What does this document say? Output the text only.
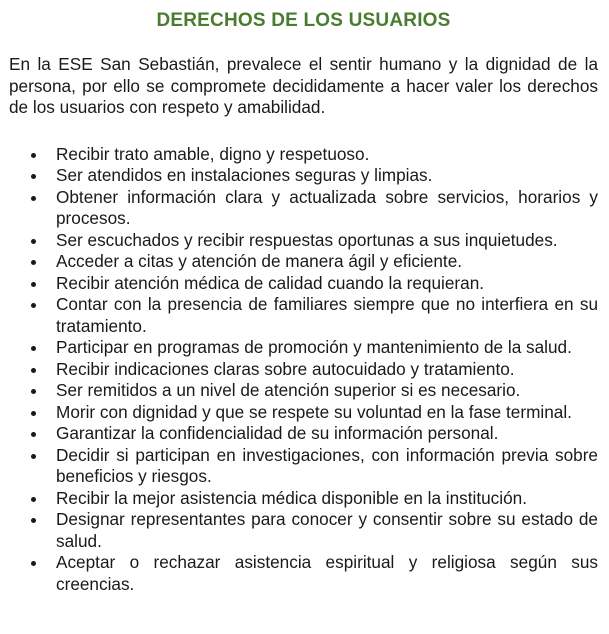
DERECHOS DE LOS USUARIOS

En la ESE San Sebastián, prevalece el sentir humano y la dignidad de la persona, por ello se compromete decididamente a hacer valer los derechos de los usuarios con respeto y amabilidad.

Recibir trato amable, digno y respetuoso.
Ser atendidos en instalaciones seguras y limpias.
Obtener información clara y actualizada sobre servicios, horarios y procesos.
Ser escuchados y recibir respuestas oportunas a sus inquietudes.
Acceder a citas y atención de manera ágil y eficiente.
Recibir atención médica de calidad cuando la requieran.
Contar con la presencia de familiares siempre que no interfiera en su tratamiento.
Participar en programas de promoción y mantenimiento de la salud.
Recibir indicaciones claras sobre autocuidado y tratamiento.
Ser remitidos a un nivel de atención superior si es necesario.
Morir con dignidad y que se respete su voluntad en la fase terminal.
Garantizar la confidencialidad de su información personal.
Decidir si participan en investigaciones, con información previa sobre beneficios y riesgos.
Recibir la mejor asistencia médica disponible en la institución.
Designar representantes para conocer y consentir sobre su estado de salud.
Aceptar o rechazar asistencia espiritual y religiosa según sus creencias.
